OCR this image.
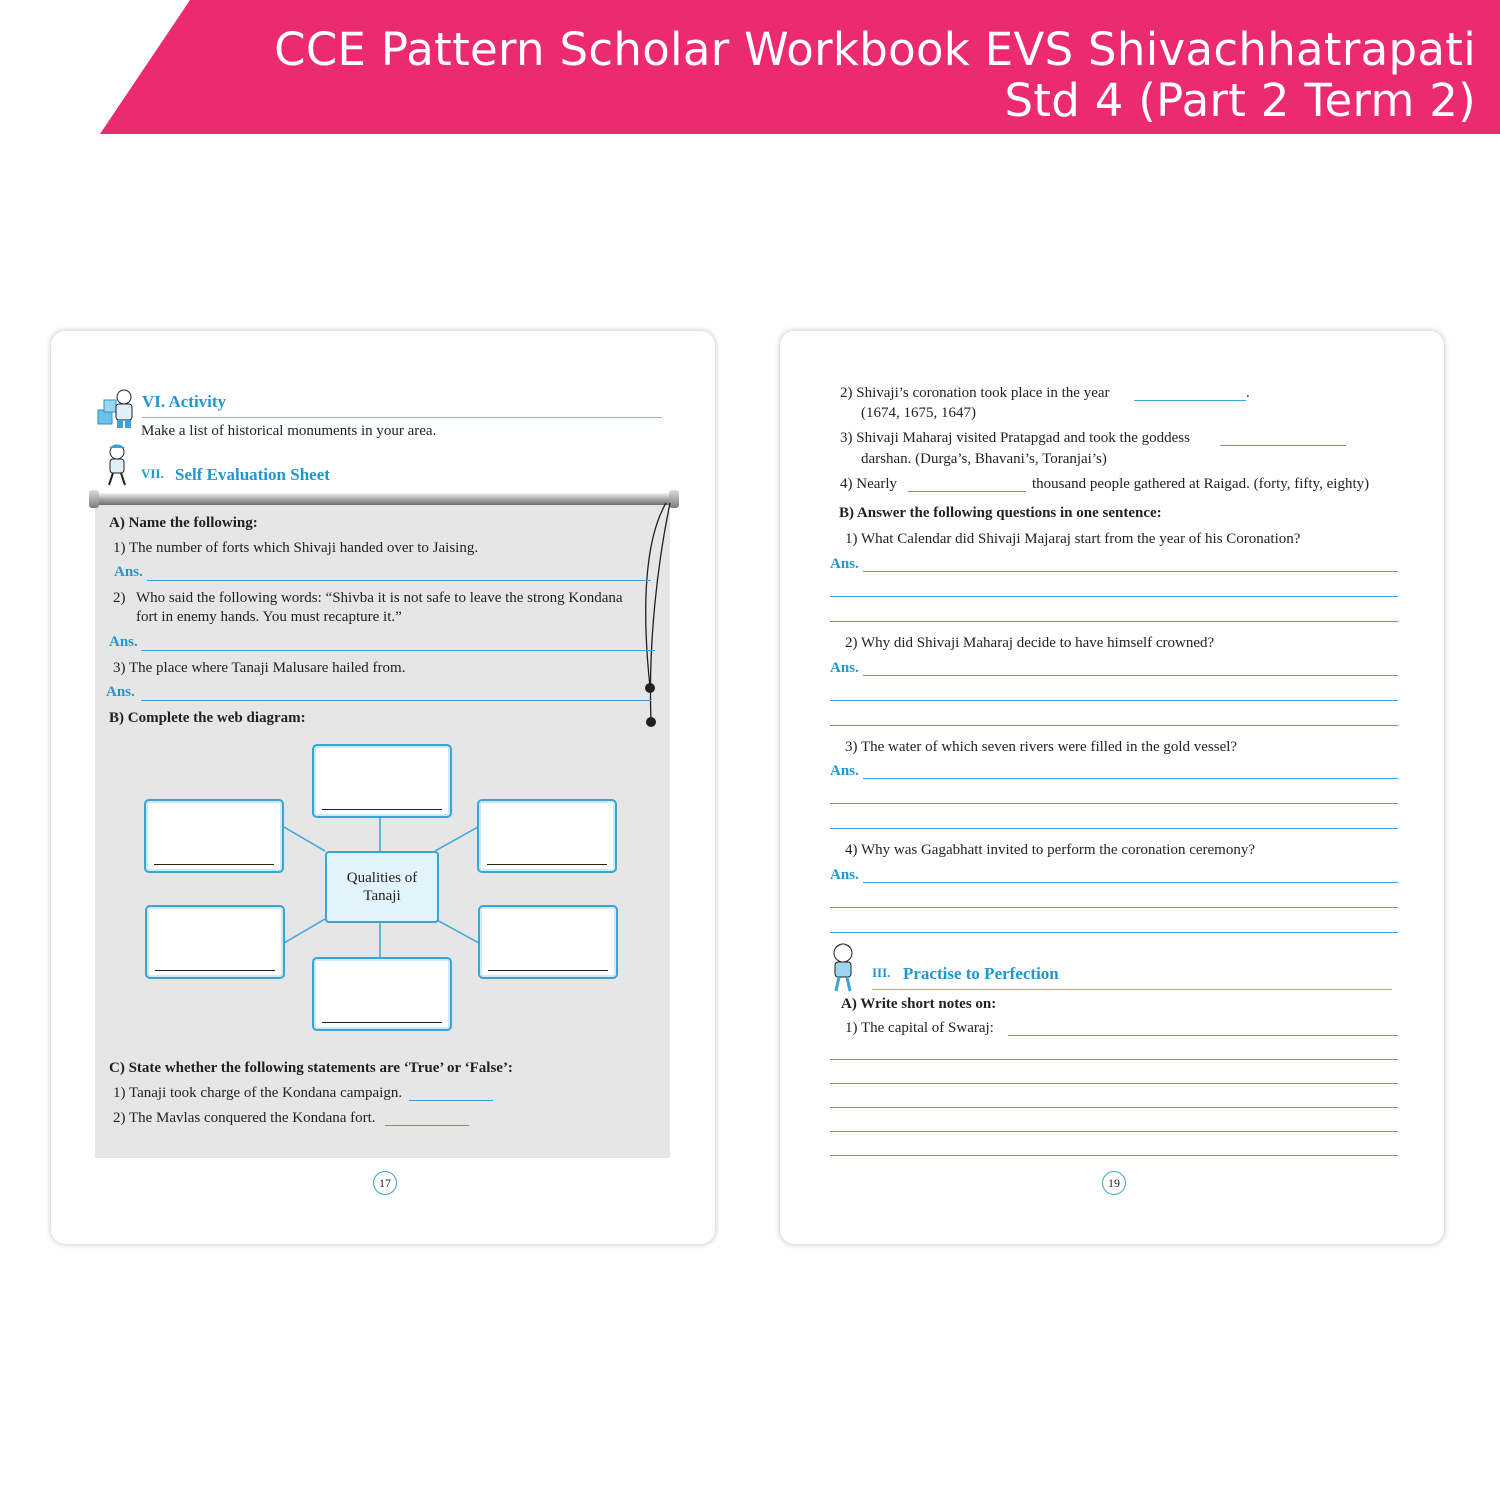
CCE Pattern Scholar Workbook EVS Shivachhatrapati
Std 4 (Part 2 Term 2)
VI. Activity
Make a list of historical monuments in your area.
VII. Self Evaluation Sheet
A) Name the following:
1) The number of forts which Shivaji handed over to Jaising.
Ans.
2) Who said the following words: “Shivba it is not safe to leave the strong Kondana
fort in enemy hands. You must recapture it.”
Ans.
3) The place where Tanaji Malusare hailed from.
Ans.
B) Complete the web diagram:
Qualities of
Tanaji
C) State whether the following statements are ‘True’ or ‘False’:
1) Tanaji took charge of the Kondana campaign.
2) The Mavlas conquered the Kondana fort.
17
2) Shivaji’s coronation took place in the year	.
(1674, 1675, 1647)
3) Shivaji Maharaj visited Pratapgad and took the goddess
darshan. (Durga’s, Bhavani’s, Toranjai’s)
4) Nearly	thousand people gathered at Raigad. (forty, fifty, eighty)
B) Answer the following questions in one sentence:
1) What Calendar did Shivaji Majaraj start from the year of his Coronation?
Ans.
2) Why did Shivaji Maharaj decide to have himself crowned?
Ans.
3) The water of which seven rivers were filled in the gold vessel?
Ans.
4) Why was Gagabhatt invited to perform the coronation ceremony?
Ans.
III. Practise to Perfection
A) Write short notes on:
1) The capital of Swaraj:
19
